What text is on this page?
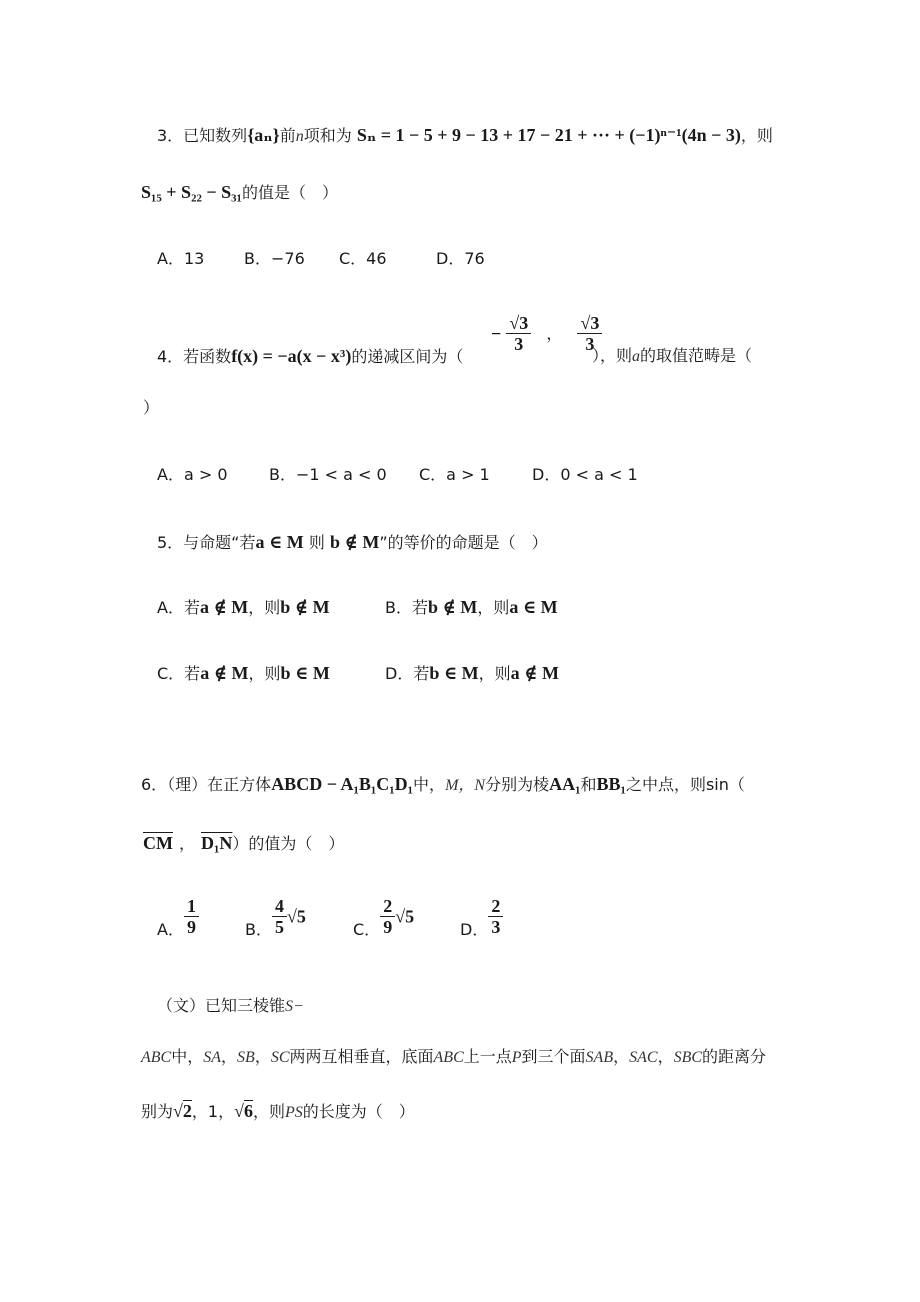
3．已知数列{aₙ}前n项和为 Sₙ = 1 − 5 + 9 − 13 + 17 − 21 + ··· + (−1)ⁿ⁻¹(4n − 3)，则
S₁₅ + S₂₂ − S₃₁的值是（　）
A．13 B．−76 C．46	D．76
4．若函数f(x) = −a(x − x³)的递减区间为（
− $\frac{√3}{3}$ ， $\frac{√3}{3}$
），则a的取值范畴是（
）
A．a > 0	B．−1 < a < 0 C．a > 1	D．0 < a < 1
5．与命题“若a ∈ M 则 b ∉ M”的等价的命题是（　）
A．若a ∉ M，则b ∉ M	B．若b ∉ M，则a ∈ M
C．若a ∉ M，则b ∈ M	D．若b ∈ M，则a ∉ M
6．（理）在正方体ABCD − A₁B₁C₁D₁中，M，N分别为棱AA₁和BB₁之中点，则sin（
$\overline{CM}$ ， D₁N）的值为（　）
A． $\frac{1}{9}$	B． $\frac{4}{5} √5$
C． $\frac{2}{9} √5$
D． $\frac{2}{3}$
（文）已知三棱锥S−
ABC中，SA，SB，SC两两互相垂直，底面ABC上一点P到三个面SAB，SAC，SBC的距离分
别为√2，1，√6，则PS的长度为（　）
